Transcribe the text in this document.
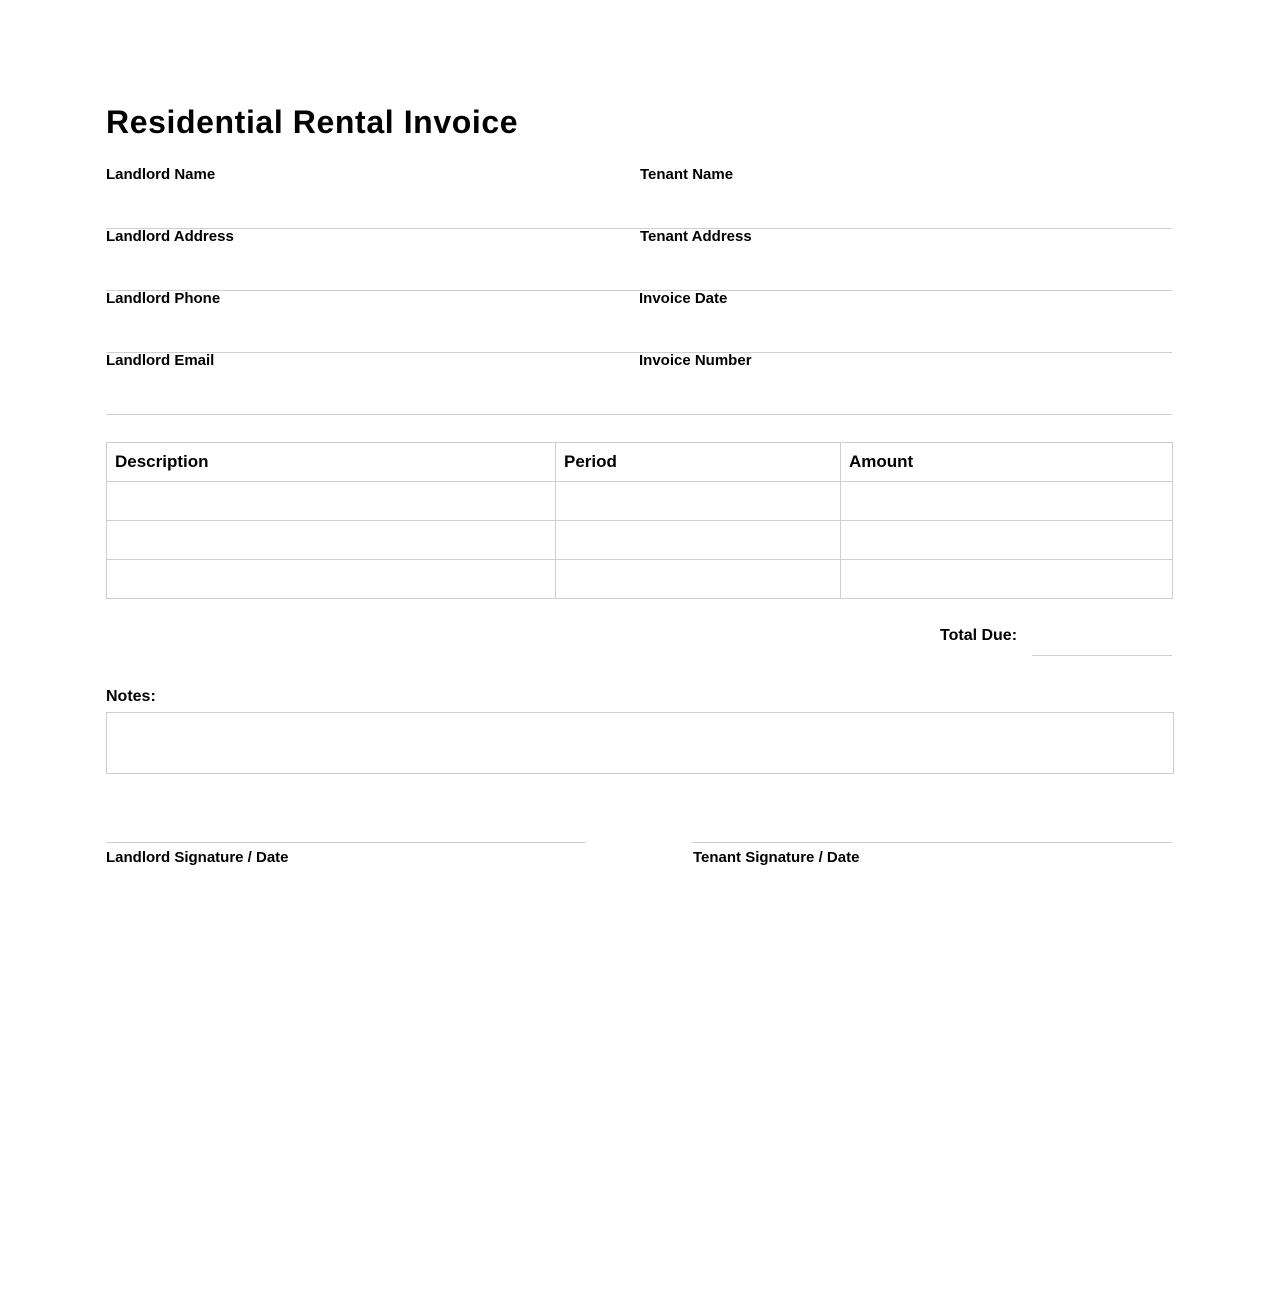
Residential Rental Invoice
Landlord Name	Tenant Name
Landlord Address	Tenant Address
Landlord Phone	Invoice Date
Landlord Email	Invoice Number
Description	Period	Amount

Total Due:
Notes:
Landlord Signature / Date	Tenant Signature / Date
